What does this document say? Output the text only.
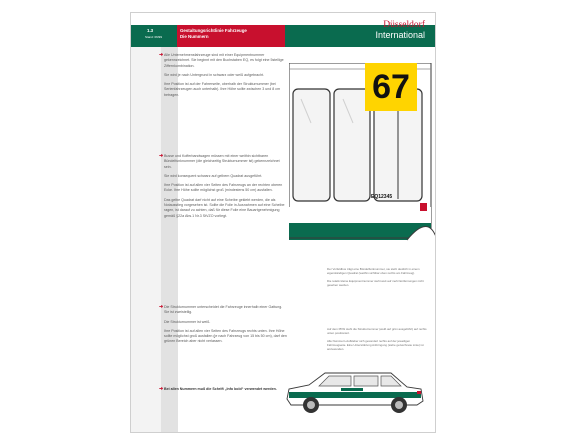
1.3
Stand: 06/99
Gestaltungsrichtlinie Fahrzeuge
Die Nummern
Düsseldorf
International
➜ Alle Unternehmensfahrzeuge sind mit einer Equipmentnummer gekennzeichnet. Sie beginnt mit den Buchstaben EQ, es folgt eine 5stellige Ziffernkombination.

Sie wird je nach Untergrund in schwarz oder weiß aufgebracht.

Ihre Position ist auf der Fahrerseite, oberhalb der Strukturnummer (bei Serienfahrzeugen auch unterhalb). Ihre Höhe sollte zwischen 3 und 8 cm betragen.

➜ Busse und Kofferbandwagen müssen mit einer weithin sichtbaren Bündelfunknummer (die gleichzeitig Strukturnummer ist) gekennzeichnet sein.

Sie wird konsequent schwarz auf gelbem Quadrat ausgeführt.

Ihre Position ist auf allen vier Seiten des Fahrzeugs an der rechten oberen Ecke. Ihre Höhe sollte möglichst groß (mindestens 50 cm) ausfallen.

Das gelbe Quadrat darf nicht auf eine Scheibe geklebt werden, die als Notausstieg vorgesehen ist. Sollte die Folie in Ausnahmen auf eine Scheibe ragen, ist darauf zu achten, daß für diese Folie eine Bauartgenehmigung gemäß §22a Abs.1 Nr.3 StVZO vorliegt.

➜ Die Strukturnummer unterscheidet die Fahrzeuge innerhalb einer Gattung. Sie ist zweistellig.

Die Strukturnummer ist weiß.

Ihre Position ist auf allen vier Seiten des Fahrzeugs rechts unten. Ihre Höhe sollte möglichst groß ausfallen (je nach Fahrzeug von 15 bis 50 cm), darf den grünen Bereich aber nicht verlassen.

➜ Bei allen Nummern muß die Schrift „Info bold“ verwendet werden.

67
EQ12345

Der Vorfeldbus trägt eine Bündelfunknummer, sie steht deutlich in einem eigenständigen Quadrat (weithin sichtbar oben rechts am Fahrzeug).

Die relativ kleine Equipmentnummer steht weit auf mehr Entfernungen nicht gesehen werden.

Auf dem PKW steht die Strukturnummer (weiß auf grün ausgeführt) auf rechts unten positioniert.

Alle Nummern-Aufkleber sich gesondert rechts auf der jeweiligen Fahrzeugseite. Eine Unterstützung Anbringung (siehe gezeichnete Linie) ist anzuwenden.
